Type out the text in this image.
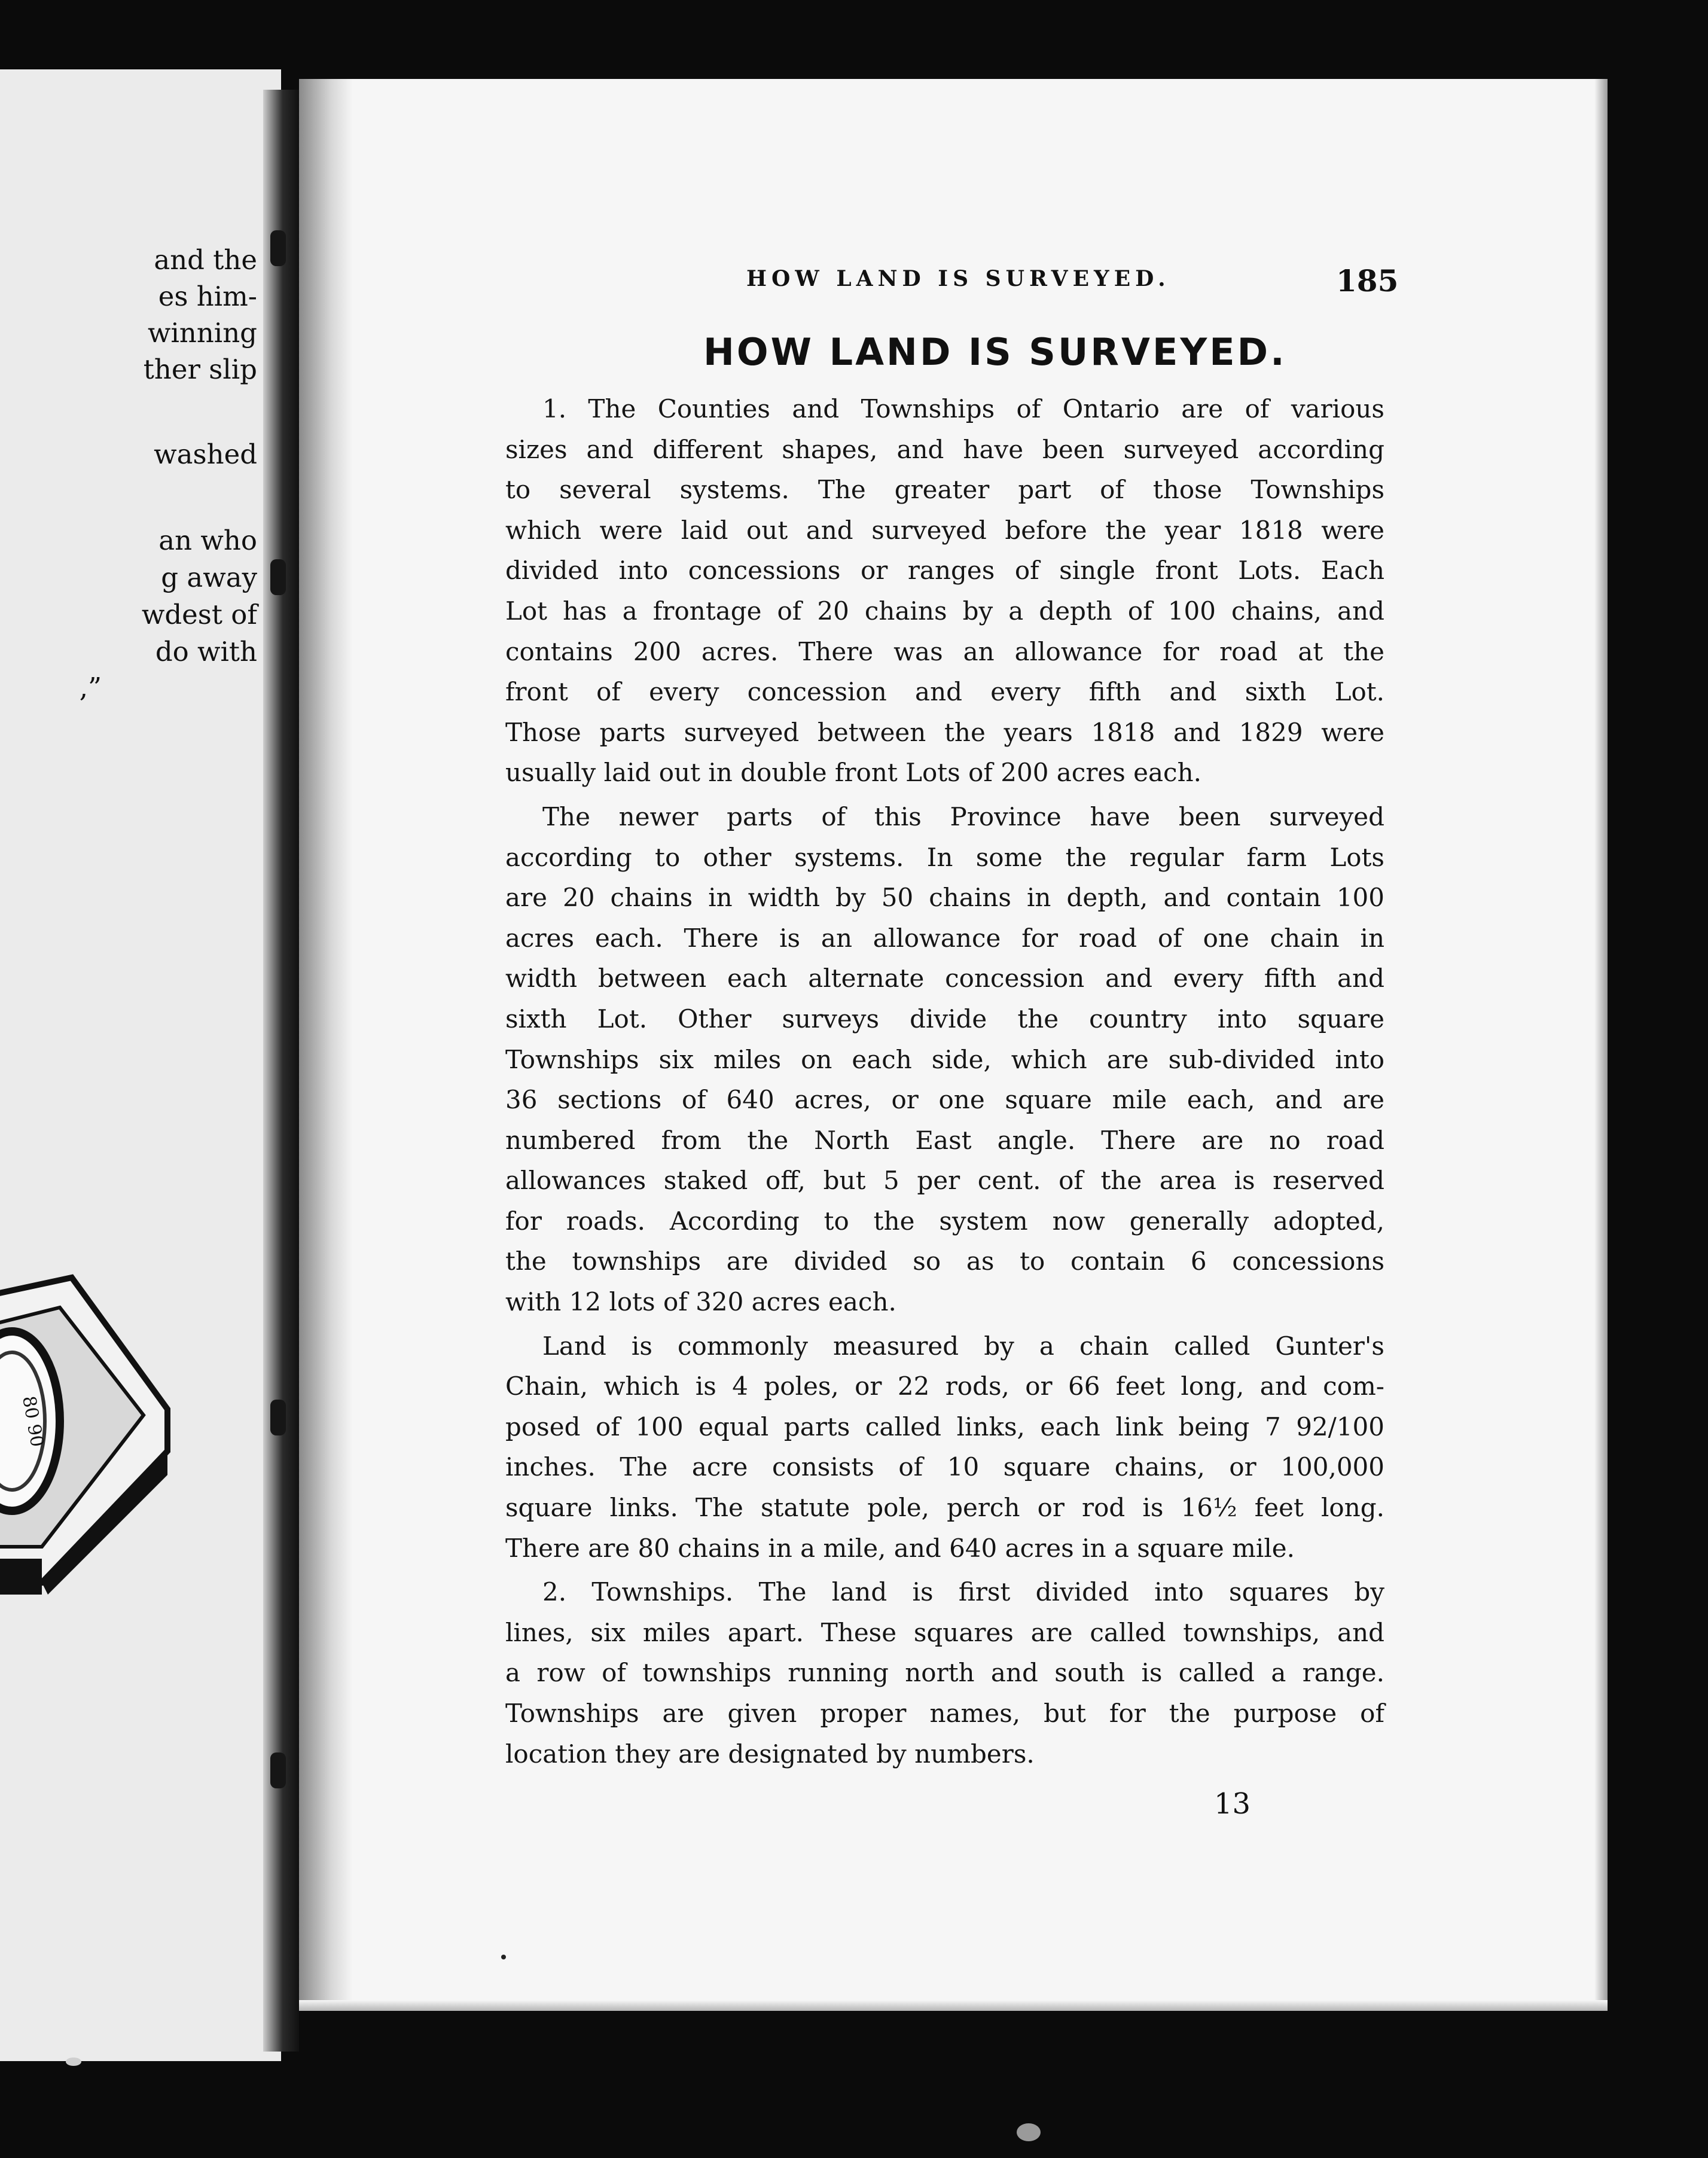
and the
es him-
winning
ther slip
washed
an who
g away
wdest of
do with
,”
80 90
HOW LAND IS SURVEYED.	185
HOW LAND IS SURVEYED.
1. The Counties and Townships of Ontario are of various
sizes and different shapes, and have been surveyed according
to several systems. The greater part of those Townships
which were laid out and surveyed before the year 1818 were
divided into concessions or ranges of single front Lots. Each
Lot has a frontage of 20 chains by a depth of 100 chains, and
contains 200 acres. There was an allowance for road at the
front of every concession and every fifth and sixth Lot.
Those parts surveyed between the years 1818 and 1829 were
usually laid out in double front Lots of 200 acres each.
The newer parts of this Province have been surveyed
according to other systems. In some the regular farm Lots
are 20 chains in width by 50 chains in depth, and contain 100
acres each. There is an allowance for road of one chain in
width between each alternate concession and every fifth and
sixth Lot. Other surveys divide the country into square
Townships six miles on each side, which are sub-divided into
36 sections of 640 acres, or one square mile each, and are
numbered from the North East angle. There are no road
allowances staked off, but 5 per cent. of the area is reserved
for roads. According to the system now generally adopted,
the townships are divided so as to contain 6 concessions
with 12 lots of 320 acres each.
Land is commonly measured by a chain called Gunter's
Chain, which is 4 poles, or 22 rods, or 66 feet long, and com-
posed of 100 equal parts called links, each link being 7 92/100
inches. The acre consists of 10 square chains, or 100,000
square links. The statute pole, perch or rod is 16½ feet long.
There are 80 chains in a mile, and 640 acres in a square mile.
2. Townships. The land is first divided into squares by
lines, six miles apart. These squares are called townships, and
a row of townships running north and south is called a range.
Townships are given proper names, but for the purpose of
location they are designated by numbers.
13
